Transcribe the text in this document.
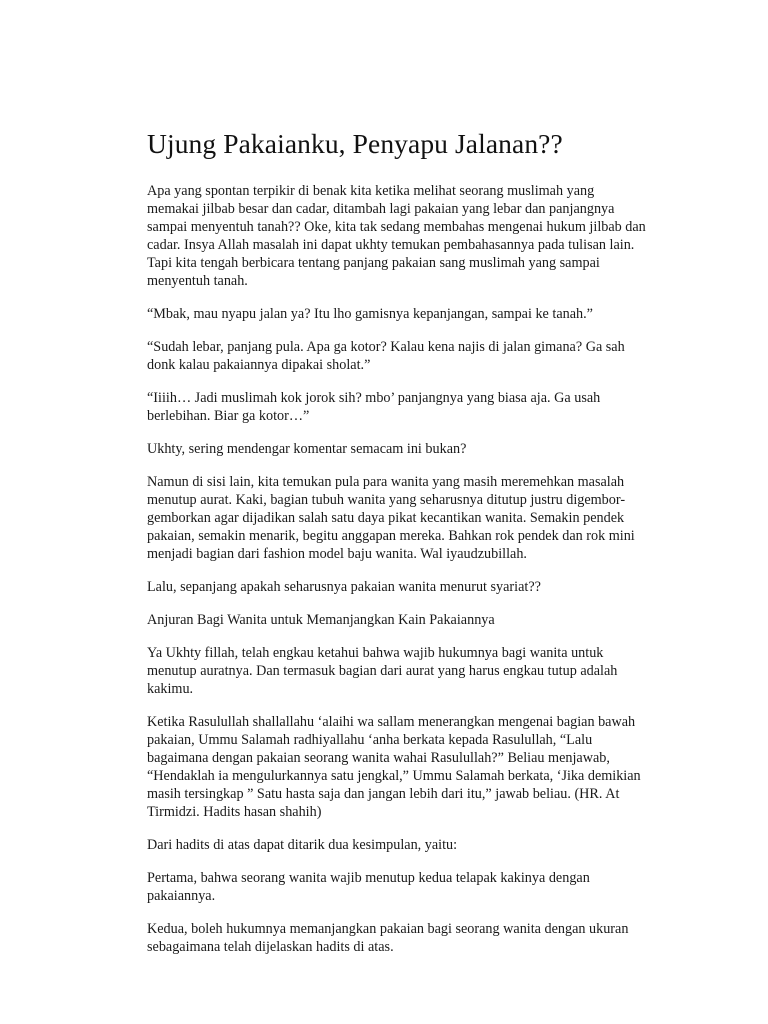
Ujung Pakaianku, Penyapu Jalanan??

Apa yang spontan terpikir di benak kita ketika melihat seorang muslimah yang memakai jilbab besar dan cadar, ditambah lagi pakaian yang lebar dan panjangnya sampai menyentuh tanah?? Oke, kita tak sedang membahas mengenai hukum jilbab dan cadar. Insya Allah masalah ini dapat ukhty temukan pembahasannya pada tulisan lain. Tapi kita tengah berbicara tentang panjang pakaian sang muslimah yang sampai menyentuh tanah.

“Mbak, mau nyapu jalan ya? Itu lho gamisnya kepanjangan, sampai ke tanah.”

“Sudah lebar, panjang pula. Apa ga kotor? Kalau kena najis di jalan gimana? Ga sah donk kalau pakaiannya dipakai sholat.”

“Iiiih… Jadi muslimah kok jorok sih? mbo’ panjangnya yang biasa aja. Ga usah berlebihan. Biar ga kotor…”

Ukhty, sering mendengar komentar semacam ini bukan?

Namun di sisi lain, kita temukan pula para wanita yang masih meremehkan masalah menutup aurat. Kaki, bagian tubuh wanita yang seharusnya ditutup justru digembor-gemborkan agar dijadikan salah satu daya pikat kecantikan wanita. Semakin pendek pakaian, semakin menarik, begitu anggapan mereka. Bahkan rok pendek dan rok mini menjadi bagian dari fashion model baju wanita. Wal iyaudzubillah.

Lalu, sepanjang apakah seharusnya pakaian wanita menurut syariat??

Anjuran Bagi Wanita untuk Memanjangkan Kain Pakaiannya

Ya Ukhty fillah, telah engkau ketahui bahwa wajib hukumnya bagi wanita untuk menutup auratnya. Dan termasuk bagian dari aurat yang harus engkau tutup adalah kakimu.

Ketika Rasulullah shallallahu ‘alaihi wa sallam menerangkan mengenai bagian bawah pakaian, Ummu Salamah radhiyallahu ‘anha berkata kepada Rasulullah, “Lalu bagaimana dengan pakaian seorang wanita wahai Rasulullah?” Beliau menjawab, “Hendaklah ia mengulurkannya satu jengkal,” Ummu Salamah berkata, ‘Jika demikian masih tersingkap ” Satu hasta saja dan jangan lebih dari itu,” jawab beliau. (HR. At Tirmidzi. Hadits hasan shahih)

Dari hadits di atas dapat ditarik dua kesimpulan, yaitu:

Pertama, bahwa seorang wanita wajib menutup kedua telapak kakinya dengan pakaiannya.

Kedua, boleh hukumnya memanjangkan pakaian bagi seorang wanita dengan ukuran sebagaimana telah dijelaskan hadits di atas.
